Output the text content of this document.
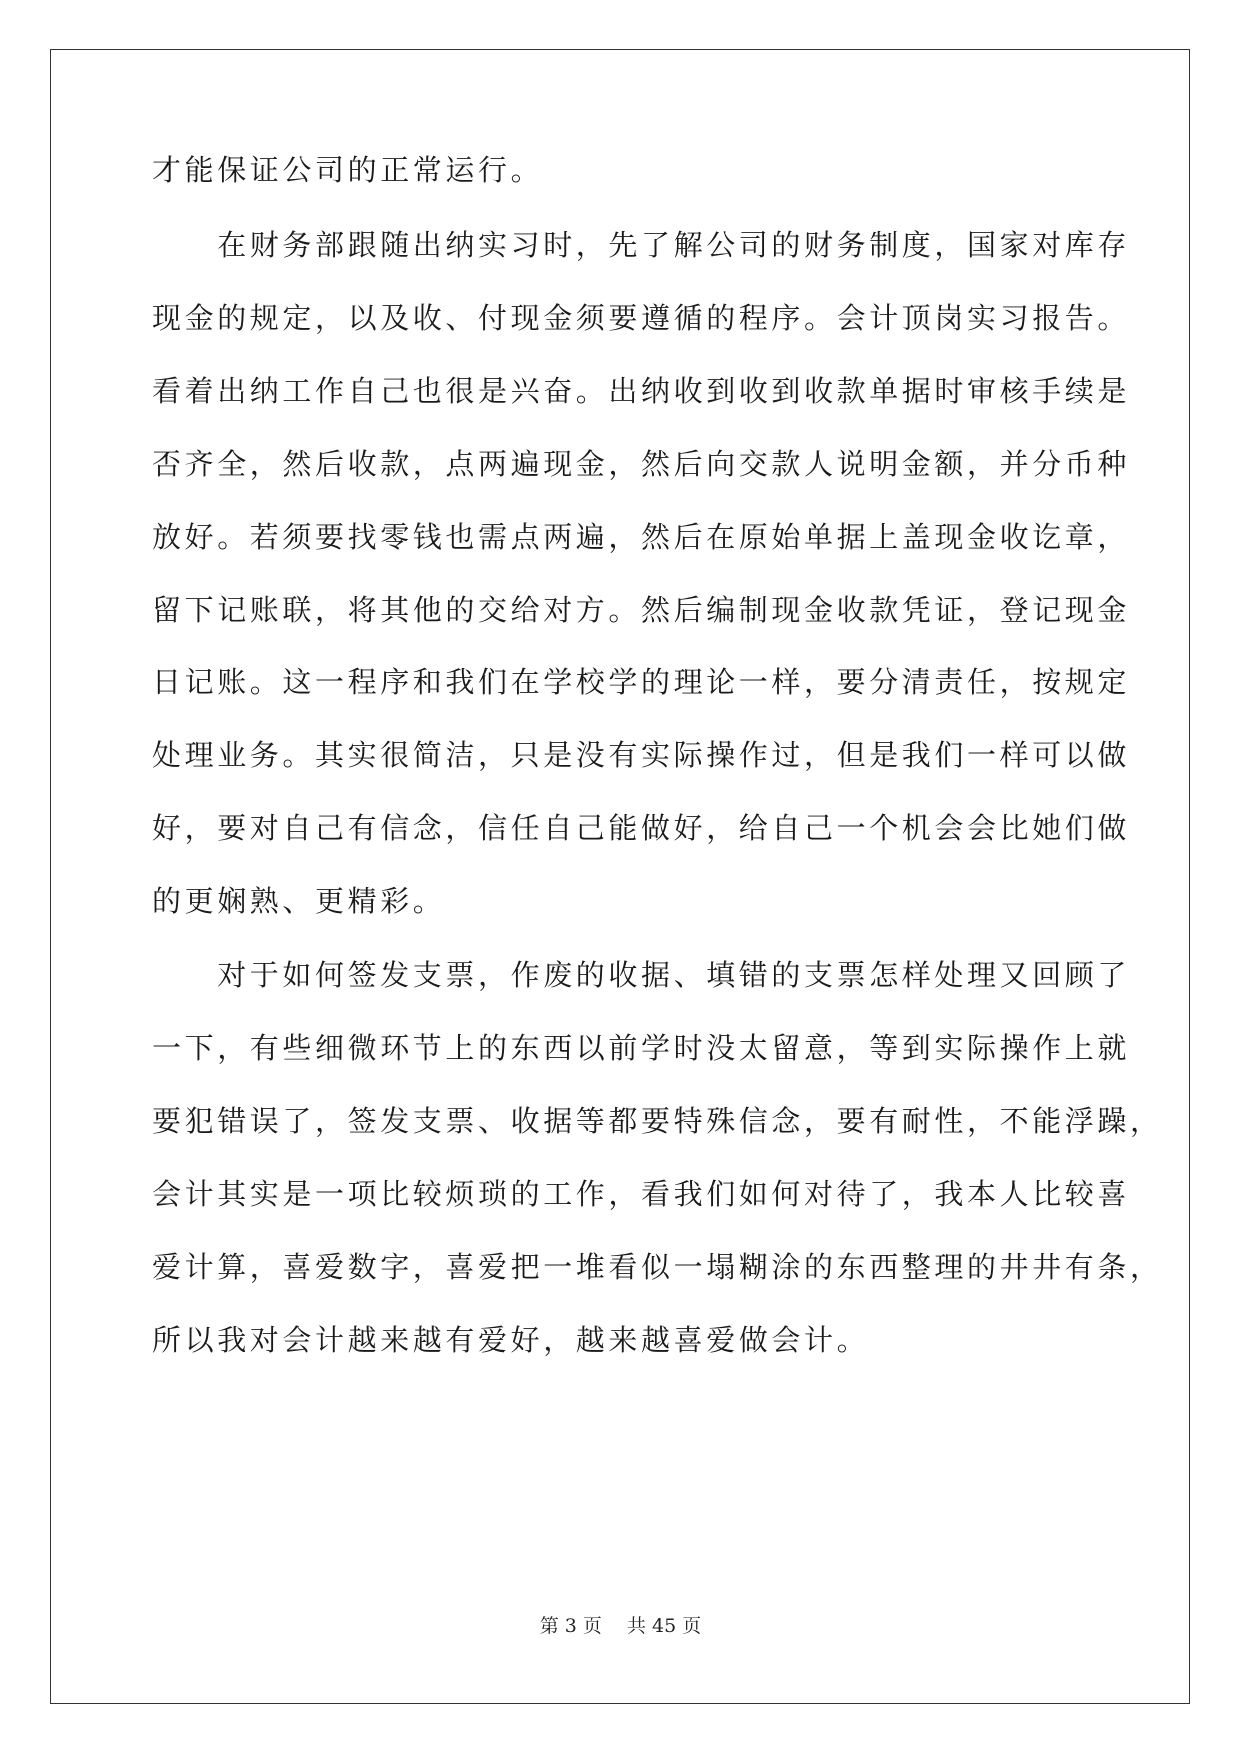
才能保证公司的正常运行。
　　在财务部跟随出纳实习时，先了解公司的财务制度，国家对库存
现金的规定，以及收、付现金须要遵循的程序。会计顶岗实习报告。
看着出纳工作自己也很是兴奋。出纳收到收到收款单据时审核手续是
否齐全，然后收款，点两遍现金，然后向交款人说明金额，并分币种
放好。若须要找零钱也需点两遍，然后在原始单据上盖现金收讫章，
留下记账联，将其他的交给对方。然后编制现金收款凭证，登记现金
日记账。这一程序和我们在学校学的理论一样，要分清责任，按规定
处理业务。其实很简洁，只是没有实际操作过，但是我们一样可以做
好，要对自己有信念，信任自己能做好，给自己一个机会会比她们做
的更娴熟、更精彩。
　　对于如何签发支票，作废的收据、填错的支票怎样处理又回顾了
一下，有些细微环节上的东西以前学时没太留意，等到实际操作上就
要犯错误了，签发支票、收据等都要特殊信念，要有耐性，不能浮躁，
会计其实是一项比较烦琐的工作，看我们如何对待了，我本人比较喜
爱计算，喜爱数字，喜爱把一堆看似一塌糊涂的东西整理的井井有条，
所以我对会计越来越有爱好，越来越喜爱做会计。
第 3 页　 共 45 页
